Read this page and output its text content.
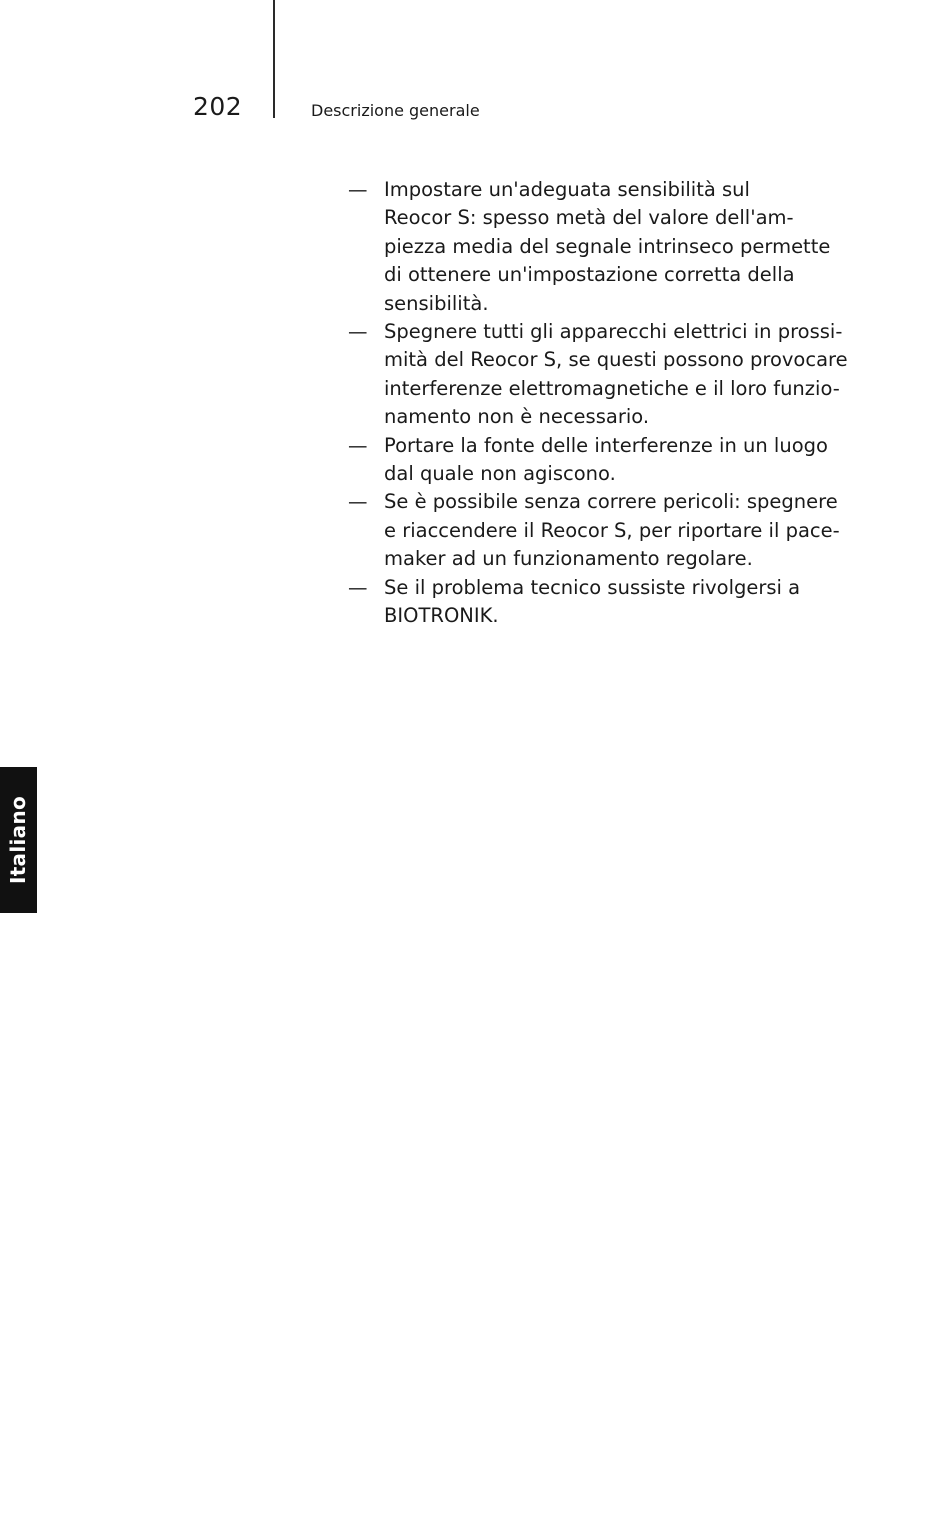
202	Descrizione generale
— Impostare un'adeguata sensibilità sul
Reocor S: spesso metà del valore dell'am-
piezza media del segnale intrinseco permette
di ottenere un'impostazione corretta della
sensibilità.
— Spegnere tutti gli apparecchi elettrici in prossi-
mità del Reocor S, se questi possono provocare
interferenze elettromagnetiche e il loro funzio-
namento non è necessario.
— Portare la fonte delle interferenze in un luogo
dal quale non agiscono.
— Se è possibile senza correre pericoli: spegnere
e riaccendere il Reocor S, per riportare il pace-
maker ad un funzionamento regolare.
— Se il problema tecnico sussiste rivolgersi a
BIOTRONIK.
Italiano
